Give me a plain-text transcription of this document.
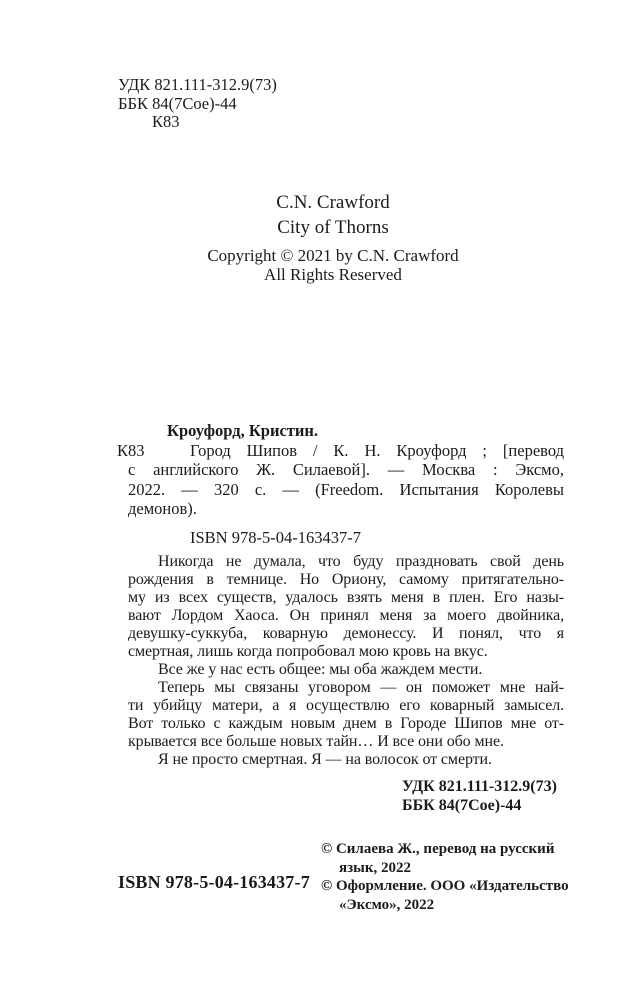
УДК 821.111-312.9(73)
ББК 84(7Сое)-44
К83
C.N. Crawford
City of Thorns
Copyright © 2021 by C.N. Crawford
All Rights Reserved
К83
Кроуфорд, Кристин.
Город Шипов / К. Н. Кроуфорд ; [перевод
с английского Ж. Силаевой]. — Москва : Эксмо,
2022. — 320 с. — (Freedom. Испытания Королевы
демонов).
ISBN 978-5-04-163437-7
Никогда не думала, что буду праздновать свой день
рождения в темнице. Но Ориону, самому притягательно-
му из всех существ, удалось взять меня в плен. Его назы-
вают Лордом Хаоса. Он принял меня за моего двойника,
девушку-суккуба, коварную демонессу. И понял, что я
смертная, лишь когда попробовал мою кровь на вкус.
Все же у нас есть общее: мы оба жаждем мести.
Теперь мы связаны уговором — он поможет мне най-
ти убийцу матери, а я осуществлю его коварный замысел.
Вот только с каждым новым днем в Городе Шипов мне от-
крывается все больше новых тайн… И все они обо мне.
Я не просто смертная. Я — на волосок от смерти.
УДК 821.111-312.9(73)
ББК 84(7Сое)-44
© Силаева Ж., перевод на русский
язык, 2022
© Оформление. ООО «Издательство
«Эксмо», 2022
ISBN 978-5-04-163437-7
